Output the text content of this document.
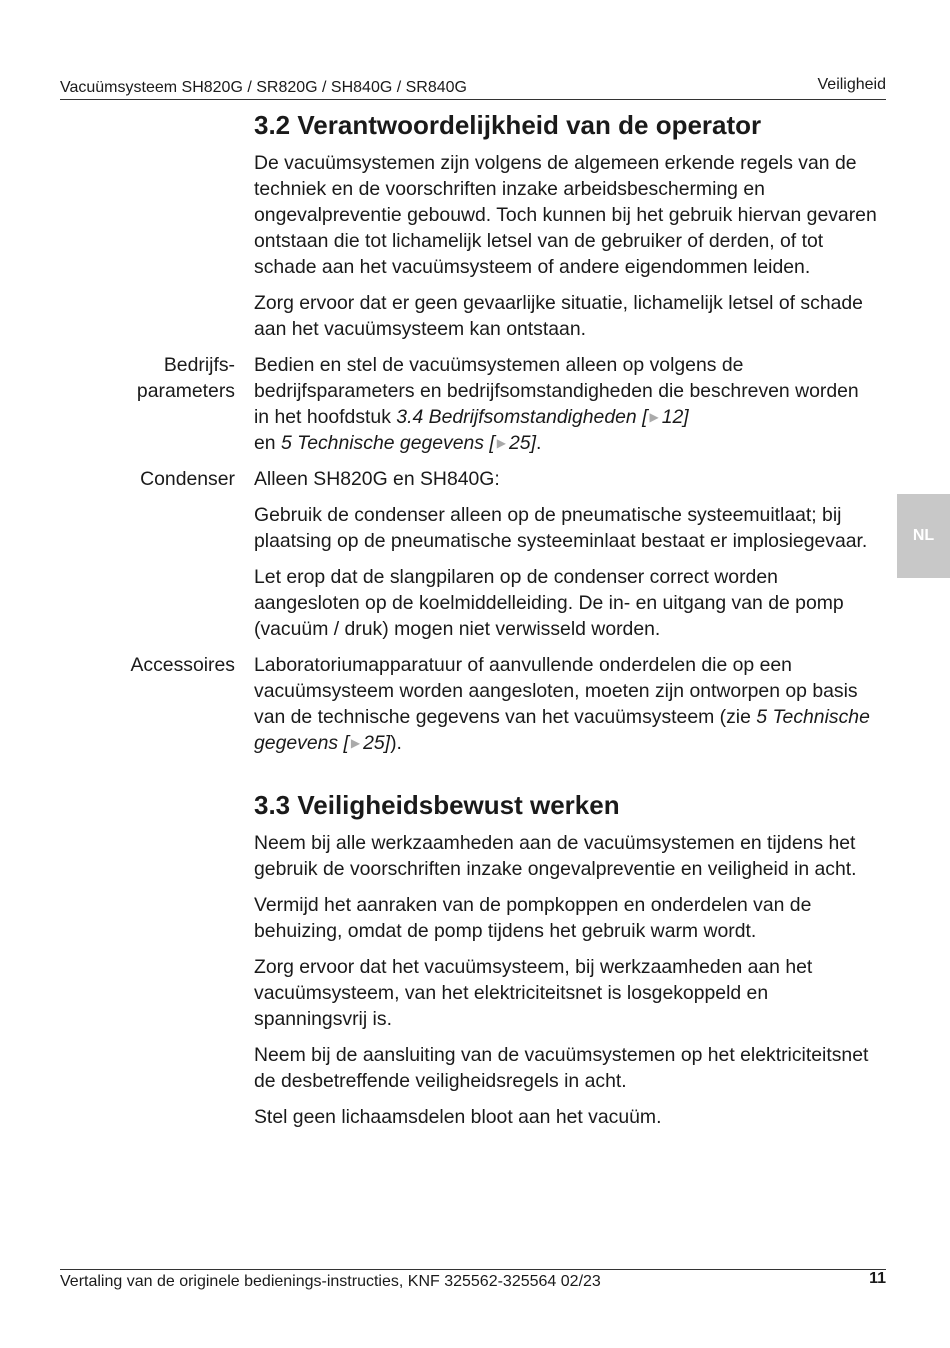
Vacuümsysteem SH820G / SR820G / SH840G / SR840G	Veiligheid
NL
3.2 Verantwoordelijkheid van de operator

De vacuümsystemen zijn volgens de algemeen erkende regels van de techniek en de voorschriften inzake arbeidsbescherming en ongevalpreventie gebouwd. Toch kunnen bij het gebruik hiervan gevaren ontstaan die tot lichamelijk letsel van de gebruiker of derden, of tot schade aan het vacuümsysteem of andere eigendommen leiden.

Zorg ervoor dat er geen gevaarlijke situatie, lichamelijk letsel of schade aan het vacuümsysteem kan ontstaan.

Bedrijfs-
parameters

Bedien en stel de vacuümsystemen alleen op volgens de bedrijfsparameters en bedrijfsomstandigheden die beschreven worden in het hoofdstuk 3.4 Bedrijfsomstandigheden [ ▶ 12]
en 5 Technische gegevens [ ▶ 25].

Condenser Alleen SH820G en SH840G:

Gebruik de condenser alleen op de pneumatische systeemuitlaat; bij plaatsing op de pneumatische systeeminlaat bestaat er implosiegevaar.

Let erop dat de slangpilaren op de condenser correct worden aangesloten op de koelmiddelleiding. De in- en uitgang van de pomp (vacuüm / druk) mogen niet verwisseld worden.

Accessoires Laboratoriumapparatuur of aanvullende onderdelen die op een vacuümsysteem worden aangesloten, moeten zijn ontworpen op basis van de technische gegevens van het vacuümsysteem (zie 5 Technische gegevens [ ▶ 25]).

3.3 Veiligheidsbewust werken

Neem bij alle werkzaamheden aan de vacuümsystemen en tijdens het gebruik de voorschriften inzake ongevalpreventie en veiligheid in acht.

Vermijd het aanraken van de pompkoppen en onderdelen van de behuizing, omdat de pomp tijdens het gebruik warm wordt.

Zorg ervoor dat het vacuümsysteem, bij werkzaamheden aan het vacuümsysteem, van het elektriciteitsnet is losgekoppeld en spanningsvrij is.

Neem bij de aansluiting van de vacuümsystemen op het elektriciteitsnet de desbetreffende veiligheidsregels in acht.

Stel geen lichaamsdelen bloot aan het vacuüm.

Vertaling van de originele bedienings-instructies, KNF 325562-325564 02/23	11
